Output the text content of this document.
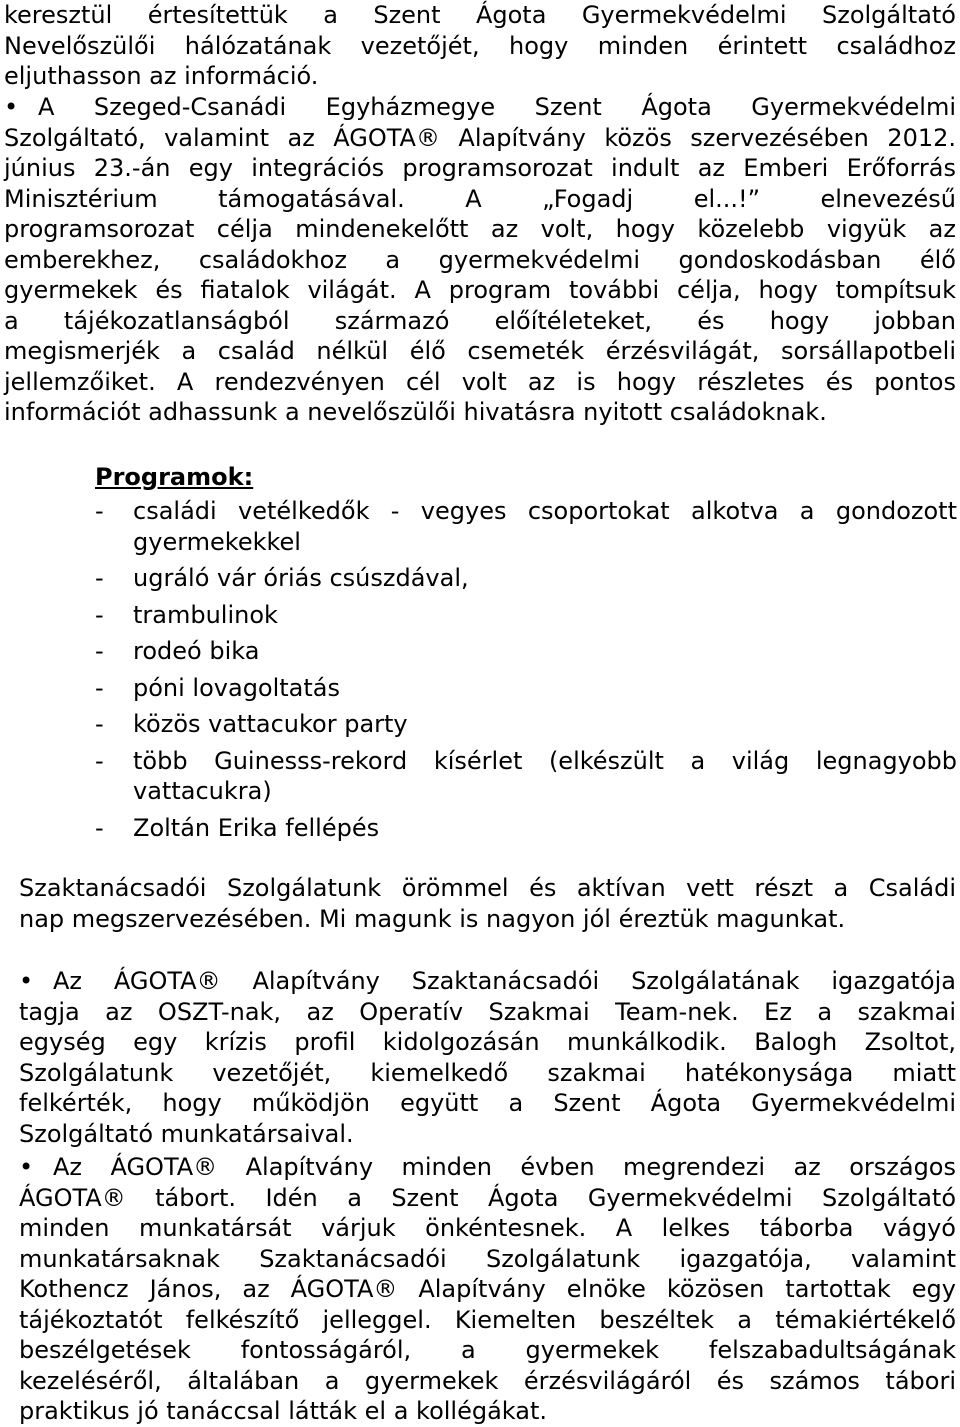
keresztül értesítettük a Szent Ágota Gyermekvédelmi Szolgáltató
Nevelőszülői hálózatának vezetőjét, hogy minden érintett családhoz
eljuthasson az információ.
• A Szeged-Csanádi Egyházmegye Szent Ágota Gyermekvédelmi
Szolgáltató, valamint az ÁGOTA® Alapítvány közös szervezésében 2012.
június 23.-án egy integrációs programsorozat indult az Emberi Erőforrás
Minisztérium támogatásával. A „Fogadj el...!” elnevezésű
programsorozat célja mindenekelőtt az volt, hogy közelebb vigyük az
emberekhez, családokhoz a gyermekvédelmi gondoskodásban élő
gyermekek és fiatalok világát. A program további célja, hogy tompítsuk
a tájékozatlanságból származó előítéleteket, és hogy jobban
megismerjék a család nélkül élő csemeték érzésvilágát, sorsállapotbeli
jellemzőiket. A rendezvényen cél volt az is hogy részletes és pontos
információt adhassunk a nevelőszülői hivatásra nyitott családoknak.
Programok:
- családi vetélkedők - vegyes csoportokat alkotva a gondozott
gyermekekkel
- ugráló vár óriás csúszdával,
- trambulinok
- rodeó bika
- póni lovagoltatás
- közös vattacukor party
- több Guinesss-rekord kísérlet (elkészült a világ legnagyobb
vattacukra)
- Zoltán Erika fellépés
Szaktanácsadói Szolgálatunk örömmel és aktívan vett részt a Családi
nap megszervezésében. Mi magunk is nagyon jól éreztük magunkat.
• Az ÁGOTA® Alapítvány Szaktanácsadói Szolgálatának igazgatója
tagja az OSZT-nak, az Operatív Szakmai Team-nek. Ez a szakmai
egység egy krízis profil kidolgozásán munkálkodik. Balogh Zsoltot,
Szolgálatunk vezetőjét, kiemelkedő szakmai hatékonysága miatt
felkérték, hogy működjön együtt a Szent Ágota Gyermekvédelmi
Szolgáltató munkatársaival.
• Az ÁGOTA® Alapítvány minden évben megrendezi az országos
ÁGOTA® tábort. Idén a Szent Ágota Gyermekvédelmi Szolgáltató
minden munkatársát várjuk önkéntesnek. A lelkes táborba vágyó
munkatársaknak Szaktanácsadói Szolgálatunk igazgatója, valamint
Kothencz János, az ÁGOTA® Alapítvány elnöke közösen tartottak egy
tájékoztatót felkészítő jelleggel. Kiemelten beszéltek a témakiértékelő
beszélgetések fontosságáról, a gyermekek felszabadultságának
kezeléséről, általában a gyermekek érzésvilágáról és számos tábori
praktikus jó tanáccsal látták el a kollégákat.
